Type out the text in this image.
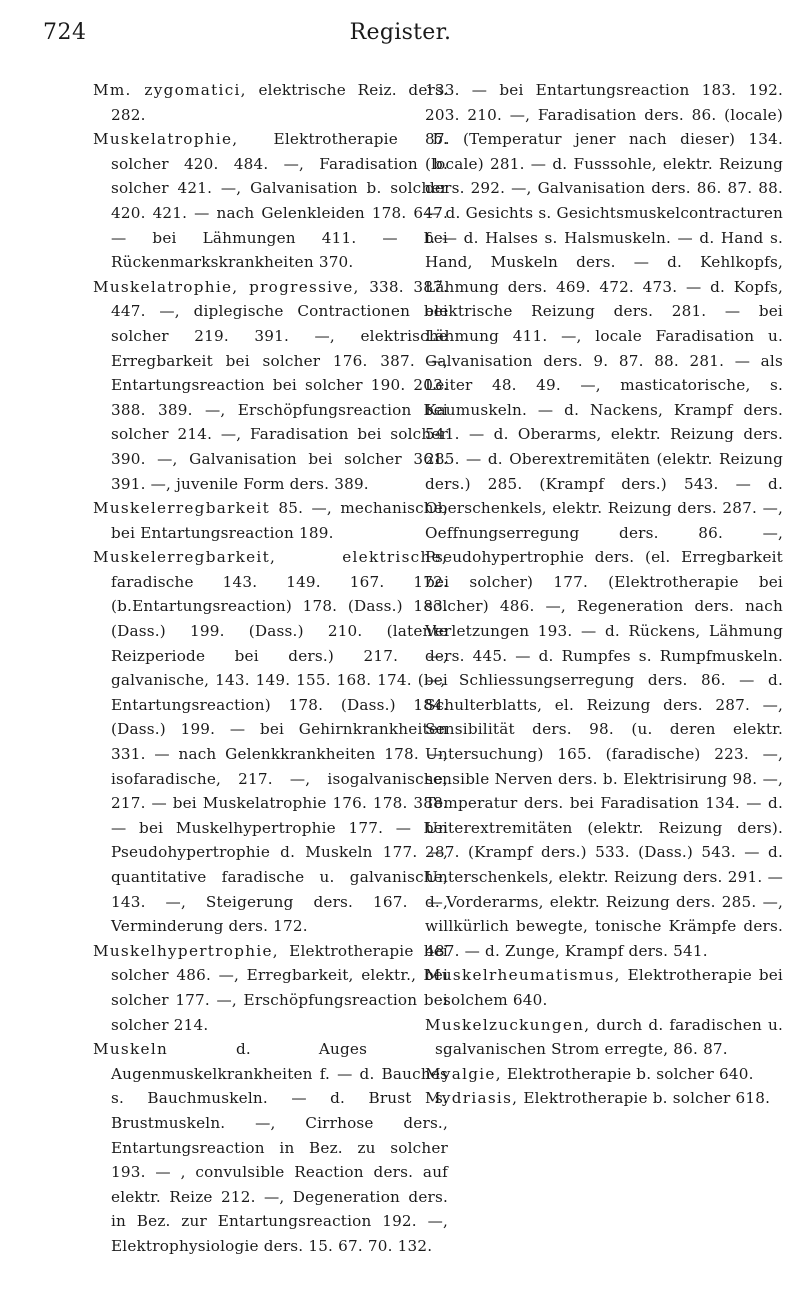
724	Register.

Mm. zygomatici, elektrische Reiz. ders. 282.

Muskelatrophie, Elektrotherapie b. solcher 420. 484. —, Faradisation b. solcher 421. —, Galvanisation b. solcher 420. 421. — nach Gelenkleiden 178. 647. — bei Lähmungen 411. — bei Rückenmarkskrankheiten 370.

Muskelatrophie, progressive, 338. 387. 447. —, diplegische Contractionen bei solcher 219. 391. —, elektrische Erregbarkeit bei solcher 176. 387. —, Entartungsreaction bei solcher 190. 203. 388. 389. —, Erschöpfungsreaction bei solcher 214. —, Faradisation bei solcher 390. —, Galvanisation bei solcher 361. 391. —, juvenile Form ders. 389.

Muskelerregbarkeit 85. —, mechanische, bei Entartungsreaction 189.

Muskelerregbarkeit, elektrische, faradische 143. 149. 167. 172. (b.Entartungsreaction) 178. (Dass.) 183. (Dass.) 199. (Dass.) 210. (latente Reizperiode bei ders.) 217. —, galvanische, 143. 149. 155. 168. 174. (bei Entartungsreaction) 178. (Dass.) 184. (Dass.) 199. — bei Gehirnkrankheiten 331. — nach Gelenkkrankheiten 178. —, isofaradische, 217. —, isogalvanische, 217. — bei Muskelatrophie 176. 178. 388. — bei Muskelhypertrophie 177. — bei Pseudohypertrophie d. Muskeln 177. —, quantitative faradische u. galvanische, 143. —, Steigerung ders. 167. —, Verminderung ders. 172.

Muskelhypertrophie, Elektrotherapie bei solcher 486. —, Erregbarkeit, elektr., bei solcher 177. —, Erschöpfungsreaction bei solcher 214.

Muskeln d. Auges s. Augenmuskelkrankheiten f. — d. Bauches s. Bauchmuskeln. — d. Brust s. Brustmuskeln. —, Cirrhose ders., Entartungsreaction in Bez. zu solcher 193. — , convulsible Reaction ders. auf elektr. Reize 212. —, Degeneration ders. in Bez. zur Entartungsreaction 192. —, Elektrophysiologie ders. 15. 67. 70. 132.

133. — bei Entartungsreaction 183. 192. 203. 210. —, Faradisation ders. 86. (locale) 87. (Temperatur jener nach dieser) 134. (locale) 281. — d. Fusssohle, elektr. Reizung ders. 292. —, Galvanisation ders. 86. 87. 88. — d. Gesichts s. Gesichtsmuskelcontracturen f. — d. Halses s. Halsmuskeln. — d. Hand s. Hand, Muskeln ders. — d. Kehlkopfs, Lähmung ders. 469. 472. 473. — d. Kopfs, elektrische Reizung ders. 281. — bei Lähmung 411. —, locale Faradisation u. Galvanisation ders. 9. 87. 88. 281. — als Leiter 48. 49. —, masticatorische, s. Kaumuskeln. — d. Nackens, Krampf ders. 541. — d. Oberarms, elektr. Reizung ders. 285. — d. Oberextremitäten (elektr. Reizung ders.) 285. (Krampf ders.) 543. — d. Oberschenkels, elektr. Reizung ders. 287. —, Oeffnungserregung ders. 86. —, Pseudohypertrophie ders. (el. Erregbarkeit bei solcher) 177. (Elektrotherapie bei solcher) 486. —, Regeneration ders. nach Verletzungen 193. — d. Rückens, Lähmung ders. 445. — d. Rumpfes s. Rumpfmuskeln. —, Schliessungserregung ders. 86. — d. Schulterblatts, el. Reizung ders. 287. —, Sensibilität ders. 98. (u. deren elektr. Untersuchung) 165. (faradische) 223. —, sensible Nerven ders. b. Elektrisirung 98. —, Temperatur ders. bei Faradisation 134. — d. Unterextremitäten (elektr. Reizung ders). 287. (Krampf ders.) 533. (Dass.) 543. — d. Unterschenkels, elektr. Reizung ders. 291. — d. Vorderarms, elektr. Reizung ders. 285. —, willkürlich bewegte, tonische Krämpfe ders. 487. — d. Zunge, Krampf ders. 541.

Muskelrheumatismus, Elektrotherapie bei solchem 640.

Muskelzuckungen, durch d. faradischen u. galvanischen Strom erregte, 86. 87.

Myalgie, Elektrotherapie b. solcher 640.

Mydriasis, Elektrotherapie b. solcher 618.
